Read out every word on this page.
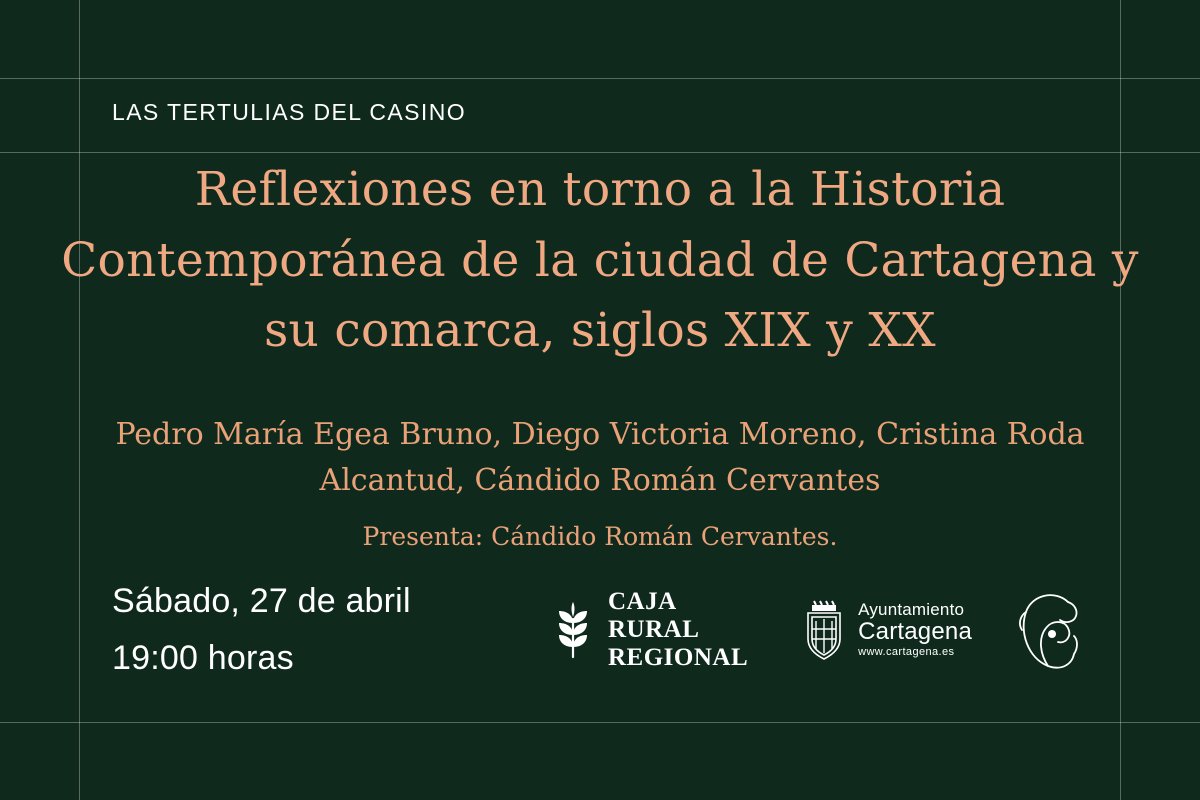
LAS TERTULIAS DEL CASINO
Reflexiones en torno a la Historia Contemporánea de la ciudad de Cartagena y su comarca, siglos XIX y XX
Pedro María Egea Bruno, Diego Victoria Moreno, Cristina Roda Alcantud, Cándido Román Cervantes
Presenta: Cándido Román Cervantes.
Sábado, 27 de abril
19:00 horas
CAJA RURAL
REGIONAL
Ayuntamiento
Cartagena
www.cartagena.es
